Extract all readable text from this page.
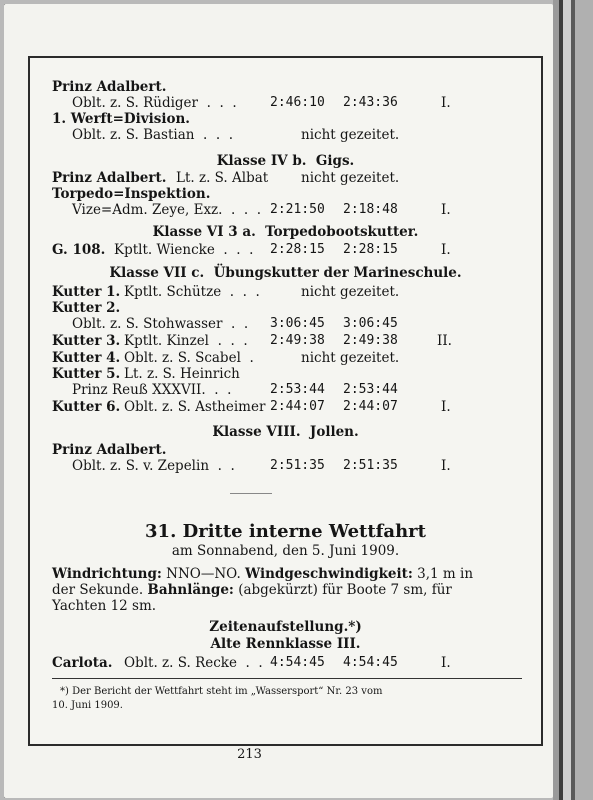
Prinz Adalbert.
Oblt. z. S. Rüdiger  .  .  .	2:46:10 2:43:36	I.
1. Werft=Division.
Oblt. z. S. Bastian  .  .  .	nicht gezeitet.
Klasse IV b.  Gigs.
Prinz Adalbert. Lt. z. S. Albat nicht gezeitet.
Torpedo=Inspektion.
Vize=Adm. Zeye, Exz.  .  .  . 2:21:50 2:18:48	I.
Klasse VI 3 a.  Torpedobootskutter.
G. 108. Kptlt. Wiencke  .  .  . 2:28:15 2:28:15	I.
Klasse VII c.  Übungskutter der Marineschule.
Kutter 1. Kptlt. Schütze  .  .  .	nicht gezeitet.
Kutter 2.
Oblt. z. S. Stohwasser  .  . 3:06:45 3:06:45
Kutter 3. Kptlt. Kinzel  .  .  . 2:49:38 2:49:38	II.
Kutter 4. Oblt. z. S. Scabel  .	nicht gezeitet.
Kutter 5. Lt. z. S. Heinrich
Prinz Reuß XXXVII.  .  .	2:53:44 2:53:44
Kutter 6. Oblt. z. S. Astheimer 2:44:07 2:44:07	I.
Klasse VIII.  Jollen.
Prinz Adalbert.
Oblt. z. S. v. Zepelin  .  .	2:51:35 2:51:35	I.
31. Dritte interne Wettfahrt
am Sonnabend, den 5. Juni 1909.
Windrichtung: NNO—NO. Windgeschwindigkeit: 3,1 m in
der Sekunde. Bahnlänge: (abgekürzt) für Boote 7 sm, für
Yachten 12 sm.
Zeitenaufstellung.*)
Alte Rennklasse III.
Carlota. Oblt. z. S. Recke  .  . 4:54:45 4:54:45	I.
*) Der Bericht der Wettfahrt steht im „Wassersport“ Nr. 23 vom
10. Juni 1909.
213
